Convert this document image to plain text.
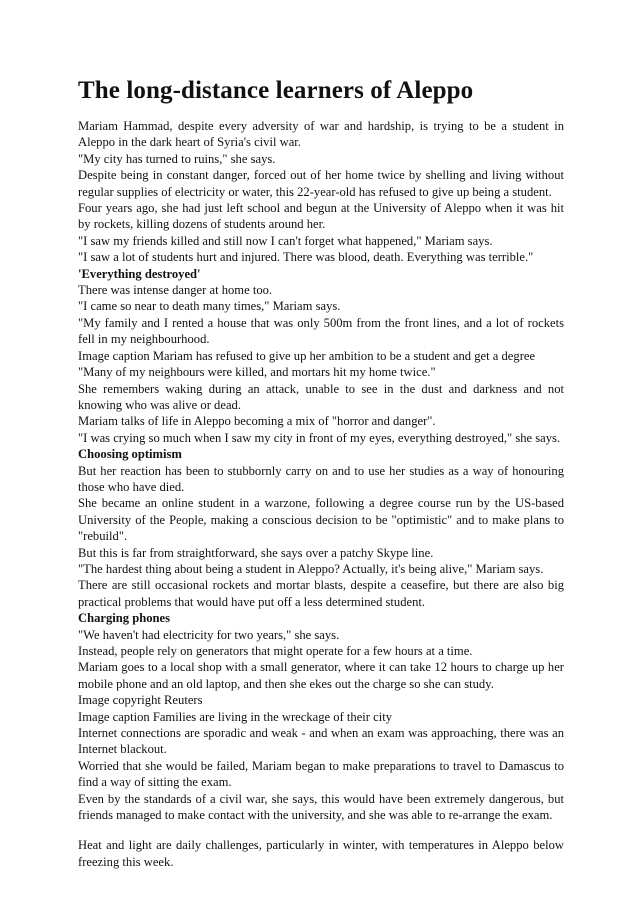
The long-distance learners of Aleppo

Mariam Hammad, despite every adversity of war and hardship, is trying to be a student in Aleppo in the dark heart of Syria's civil war.

"My city has turned to ruins," she says.

Despite being in constant danger, forced out of her home twice by shelling and living without regular supplies of electricity or water, this 22-year-old has refused to give up being a student.

Four years ago, she had just left school and begun at the University of Aleppo when it was hit by rockets, killing dozens of students around her.

"I saw my friends killed and still now I can't forget what happened," Mariam says.

"I saw a lot of students hurt and injured. There was blood, death. Everything was terrible."

'Everything destroyed'

There was intense danger at home too.

"I came so near to death many times," Mariam says.

"My family and I rented a house that was only 500m from the front lines, and a lot of rockets fell in my neighbourhood.

Image caption Mariam has refused to give up her ambition to be a student and get a degree

"Many of my neighbours were killed, and mortars hit my home twice."

She remembers waking during an attack, unable to see in the dust and darkness and not knowing who was alive or dead.

Mariam talks of life in Aleppo becoming a mix of "horror and danger".

"I was crying so much when I saw my city in front of my eyes, everything destroyed," she says.

Choosing optimism

But her reaction has been to stubbornly carry on and to use her studies as a way of honouring those who have died.

She became an online student in a warzone, following a degree course run by the US-based University of the People, making a conscious decision to be "optimistic" and to make plans to "rebuild".

But this is far from straightforward, she says over a patchy Skype line.

"The hardest thing about being a student in Aleppo? Actually, it's being alive," Mariam says.

There are still occasional rockets and mortar blasts, despite a ceasefire, but there are also big practical problems that would have put off a less determined student.

Charging phones

"We haven't had electricity for two years," she says.

Instead, people rely on generators that might operate for a few hours at a time.

Mariam goes to a local shop with a small generator, where it can take 12 hours to charge up her mobile phone and an old laptop, and then she ekes out the charge so she can study.

Image copyright Reuters

Image caption Families are living in the wreckage of their city

Internet connections are sporadic and weak - and when an exam was approaching, there was an Internet blackout.

Worried that she would be failed, Mariam began to make preparations to travel to Damascus to find a way of sitting the exam.

Even by the standards of a civil war, she says, this would have been extremely dangerous, but friends managed to make contact with the university, and she was able to re-arrange the exam.

Heat and light are daily challenges, particularly in winter, with temperatures in Aleppo below freezing this week.
